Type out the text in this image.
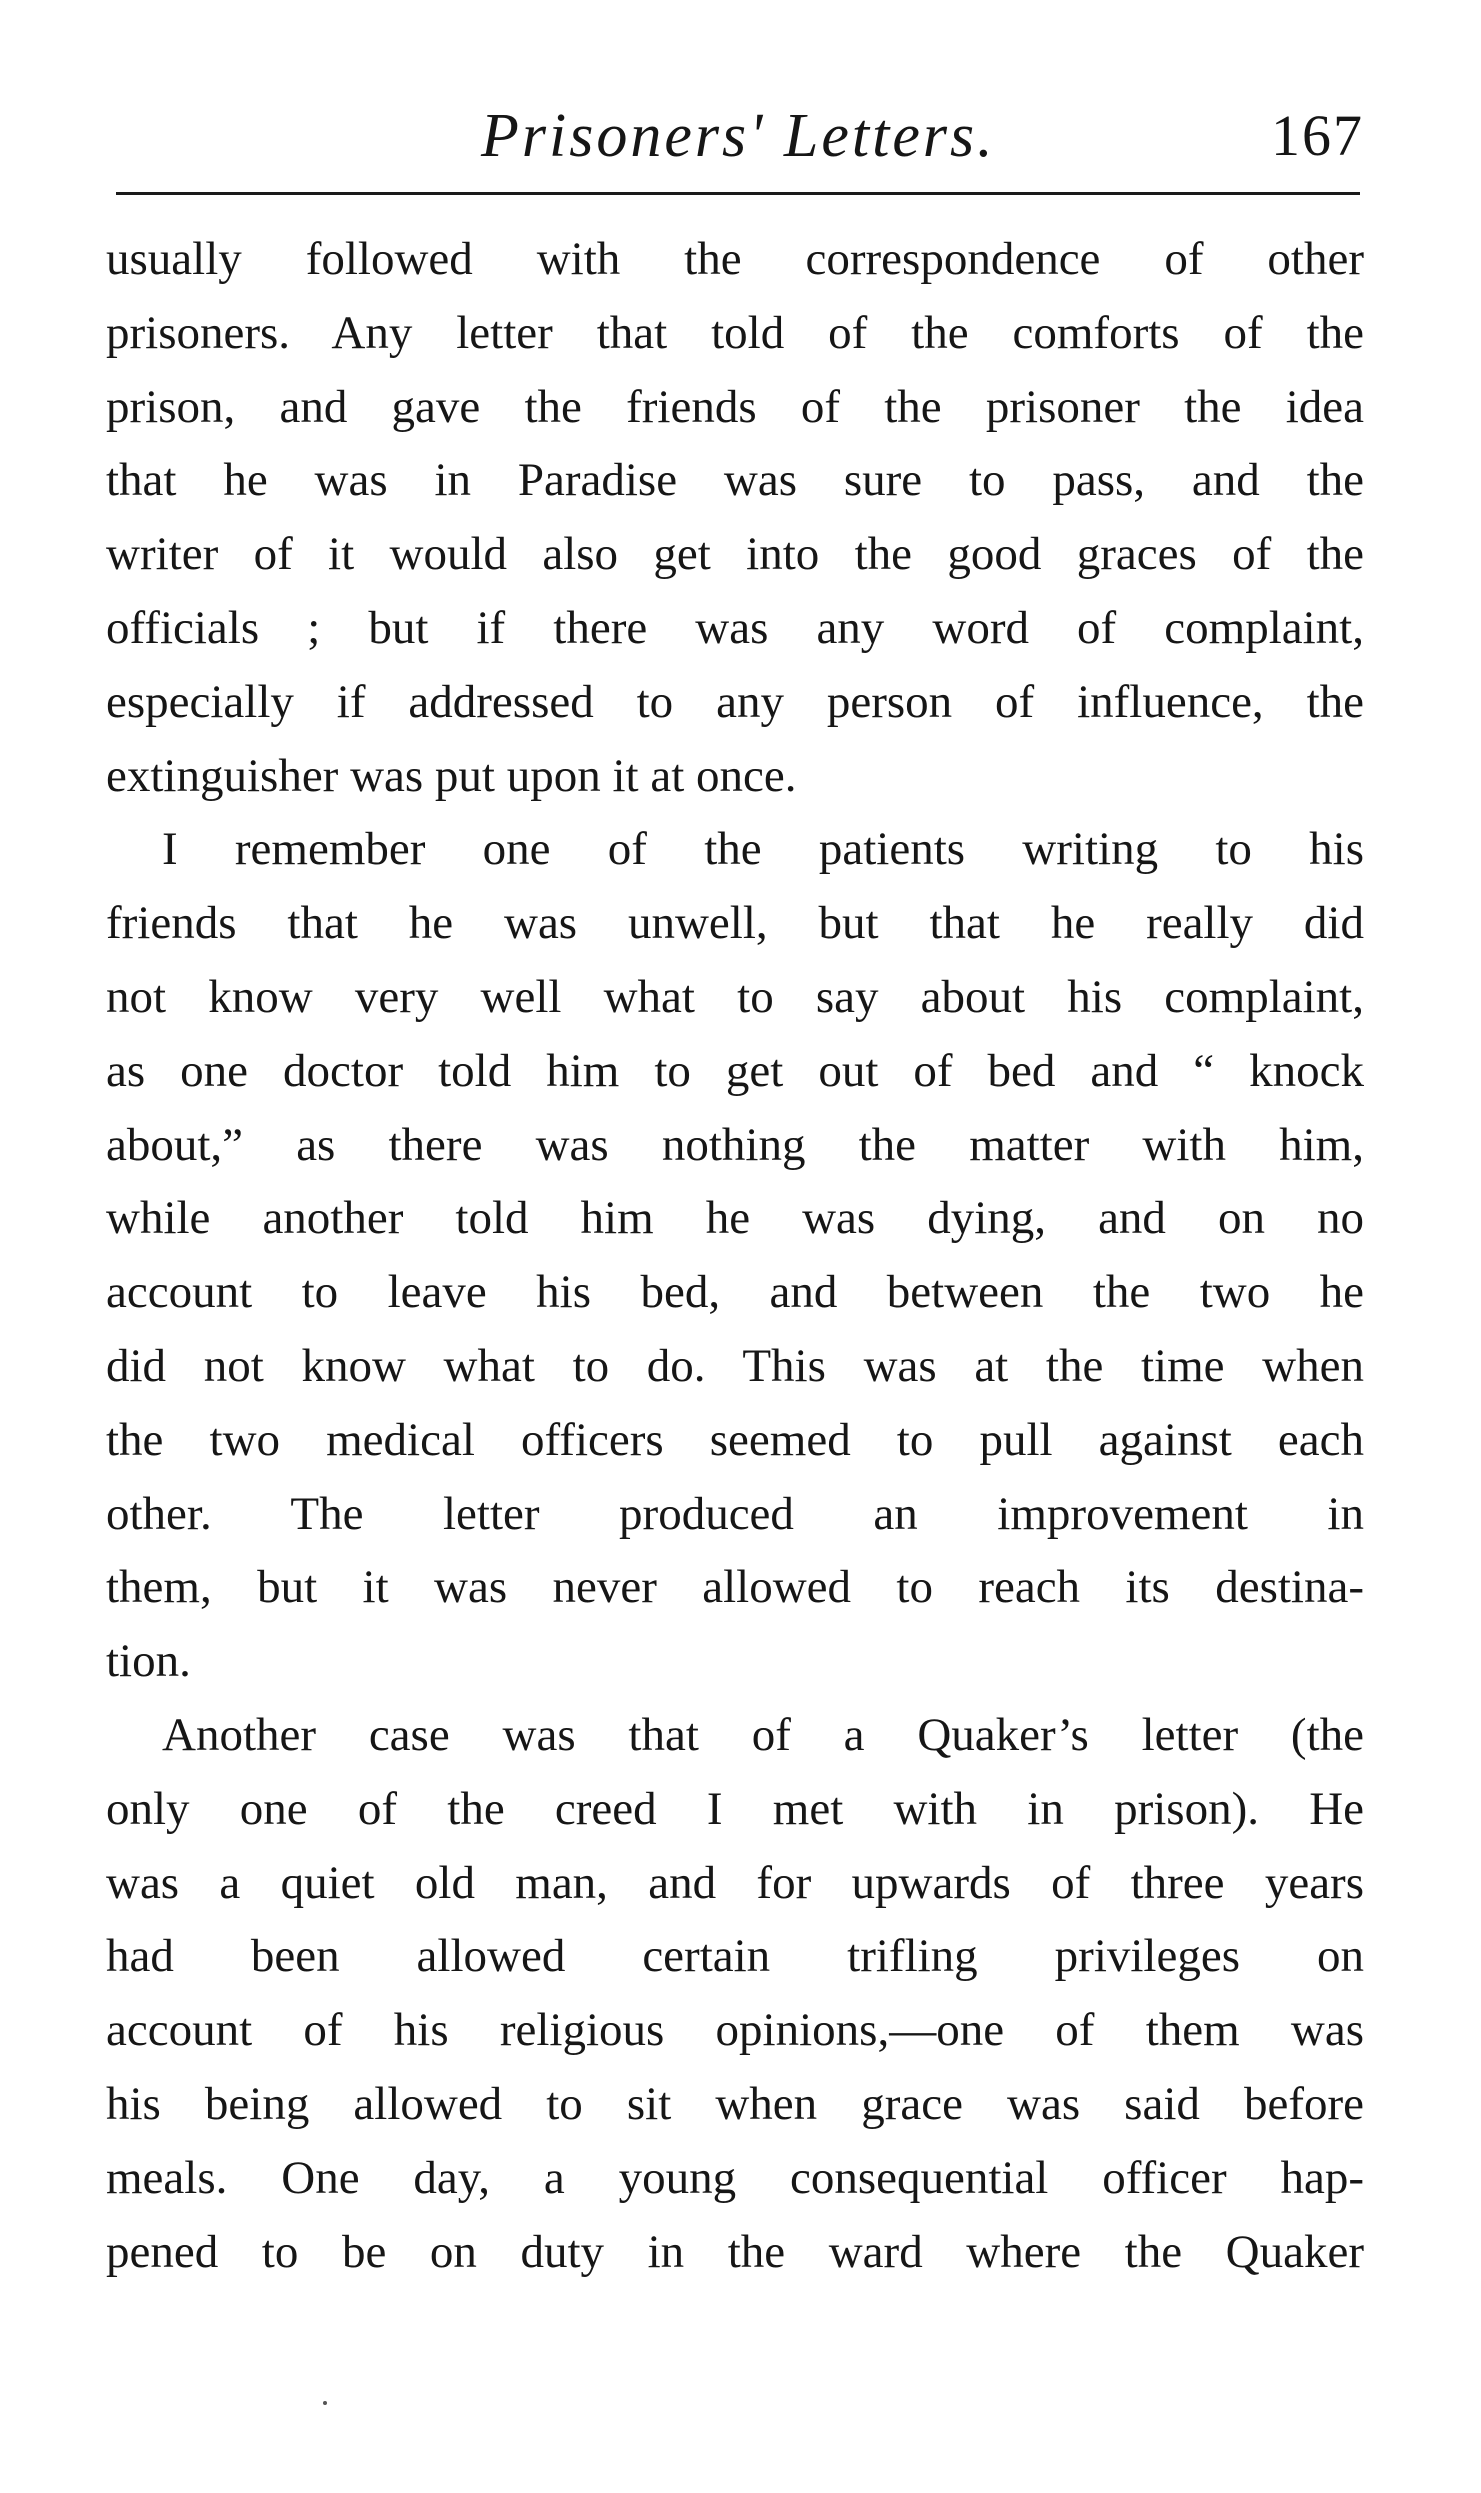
Prisoners' Letters.	167
usually followed with the correspondence of other
prisoners. Any letter that told of the comforts of the
prison, and gave the friends of the prisoner the idea
that he was in Paradise was sure to pass, and the
writer of it would also get into the good graces of the
officials ; but if there was any word of complaint,
especially if addressed to any person of influence, the
extinguisher was put upon it at once.
I remember one of the patients writing to his
friends that he was unwell, but that he really did
not know very well what to say about his complaint,
as one doctor told him to get out of bed and “ knock
about,” as there was nothing the matter with him,
while another told him he was dying, and on no
account to leave his bed, and between the two he
did not know what to do. This was at the time when
the two medical officers seemed to pull against each
other. The letter produced an improvement in
them, but it was never allowed to reach its destina-
tion.
Another case was that of a Quaker’s letter (the
only one of the creed I met with in prison). He
was a quiet old man, and for upwards of three years
had been allowed certain trifling privileges on
account of his religious opinions,—one of them was
his being allowed to sit when grace was said before
meals. One day, a young consequential officer hap-
pened to be on duty in the ward where the Quaker
